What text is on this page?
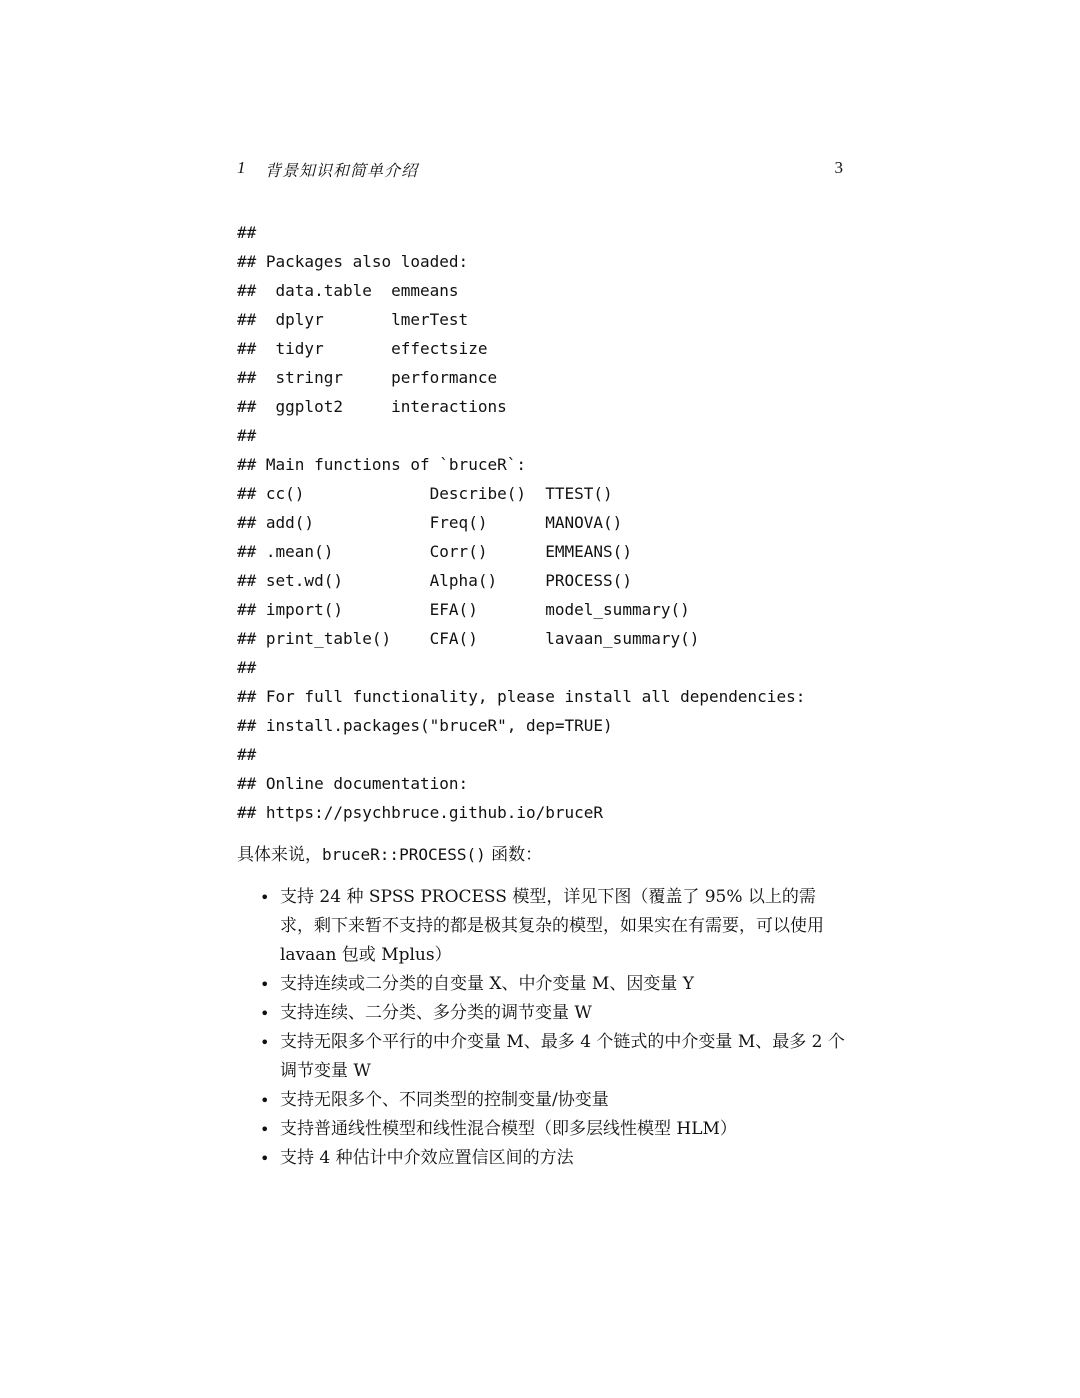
1 背景知识和简单介绍	3
##
## Packages also loaded:
##  data.table  emmeans
##  dplyr       lmerTest
##  tidyr       effectsize
##  stringr     performance
##  ggplot2     interactions
##
## Main functions of `bruceR`:
## cc()             Describe()  TTEST()
## add()            Freq()      MANOVA()
## .mean()          Corr()      EMMEANS()
## set.wd()         Alpha()     PROCESS()
## import()         EFA()       model_summary()
## print_table()    CFA()       lavaan_summary()
##
## For full functionality, please install all dependencies:
## install.packages("bruceR", dep=TRUE)
##
## Online documentation:
## https://psychbruce.github.io/bruceR

具体来说，bruceR::PROCESS() 函数：

• 支持 24 种 SPSS PROCESS 模型，详见下图（覆盖了 95% 以上的需求，剩下来暂不支持的都是极其复杂的模型，如果实在有需要，可以使用 lavaan 包或 Mplus）
• 支持连续或二分类的自变量 X、中介变量 M、因变量 Y
• 支持连续、二分类、多分类的调节变量 W
• 支持无限多个平行的中介变量 M、最多 4 个链式的中介变量 M、最多 2 个调节变量 W
• 支持无限多个、不同类型的控制变量/协变量
• 支持普通线性模型和线性混合模型（即多层线性模型 HLM）
• 支持 4 种估计中介效应置信区间的方法
